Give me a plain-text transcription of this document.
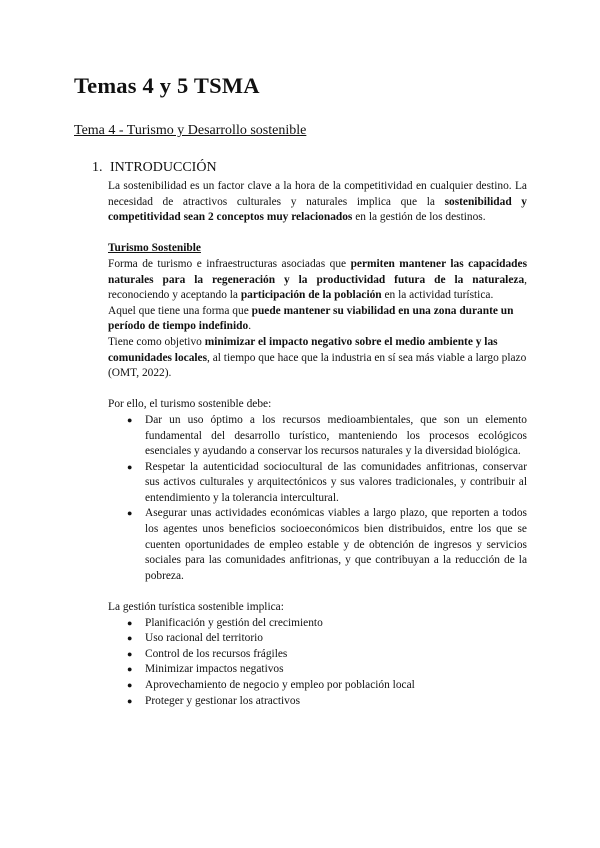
Temas 4 y 5 TSMA

Tema 4 - Turismo y Desarrollo sostenible

1. INTRODUCCIÓN

La sostenibilidad es un factor clave a la hora de la competitividad en cualquier destino. La necesidad de atractivos culturales y naturales implica que la sostenibilidad y competitividad sean 2 conceptos muy relacionados en la gestión de los destinos.

Turismo Sostenible

Forma de turismo e infraestructuras asociadas que permiten mantener las capacidades naturales para la regeneración y la productividad futura de la naturaleza, reconociendo y aceptando la participación de la población en la actividad turística.

Aquel que tiene una forma que puede mantener su viabilidad en una zona durante un período de tiempo indefinido.

Tiene como objetivo minimizar el impacto negativo sobre el medio ambiente y las comunidades locales, al tiempo que hace que la industria en sí sea más viable a largo plazo (OMT, 2022).

Por ello, el turismo sostenible debe:

● Dar un uso óptimo a los recursos medioambientales, que son un elemento fundamental del desarrollo turístico, manteniendo los procesos ecológicos esenciales y ayudando a conservar los recursos naturales y la diversidad biológica.
● Respetar la autenticidad sociocultural de las comunidades anfitrionas, conservar sus activos culturales y arquitectónicos y sus valores tradicionales, y contribuir al entendimiento y la tolerancia intercultural.
● Asegurar unas actividades económicas viables a largo plazo, que reporten a todos los agentes unos beneficios socioeconómicos bien distribuidos, entre los que se cuenten oportunidades de empleo estable y de obtención de ingresos y servicios sociales para las comunidades anfitrionas, y que contribuyan a la reducción de la pobreza.

La gestión turística sostenible implica:

● Planificación y gestión del crecimiento
● Uso racional del territorio
● Control de los recursos frágiles
● Minimizar impactos negativos
● Aprovechamiento de negocio y empleo por población local
● Proteger y gestionar los atractivos
